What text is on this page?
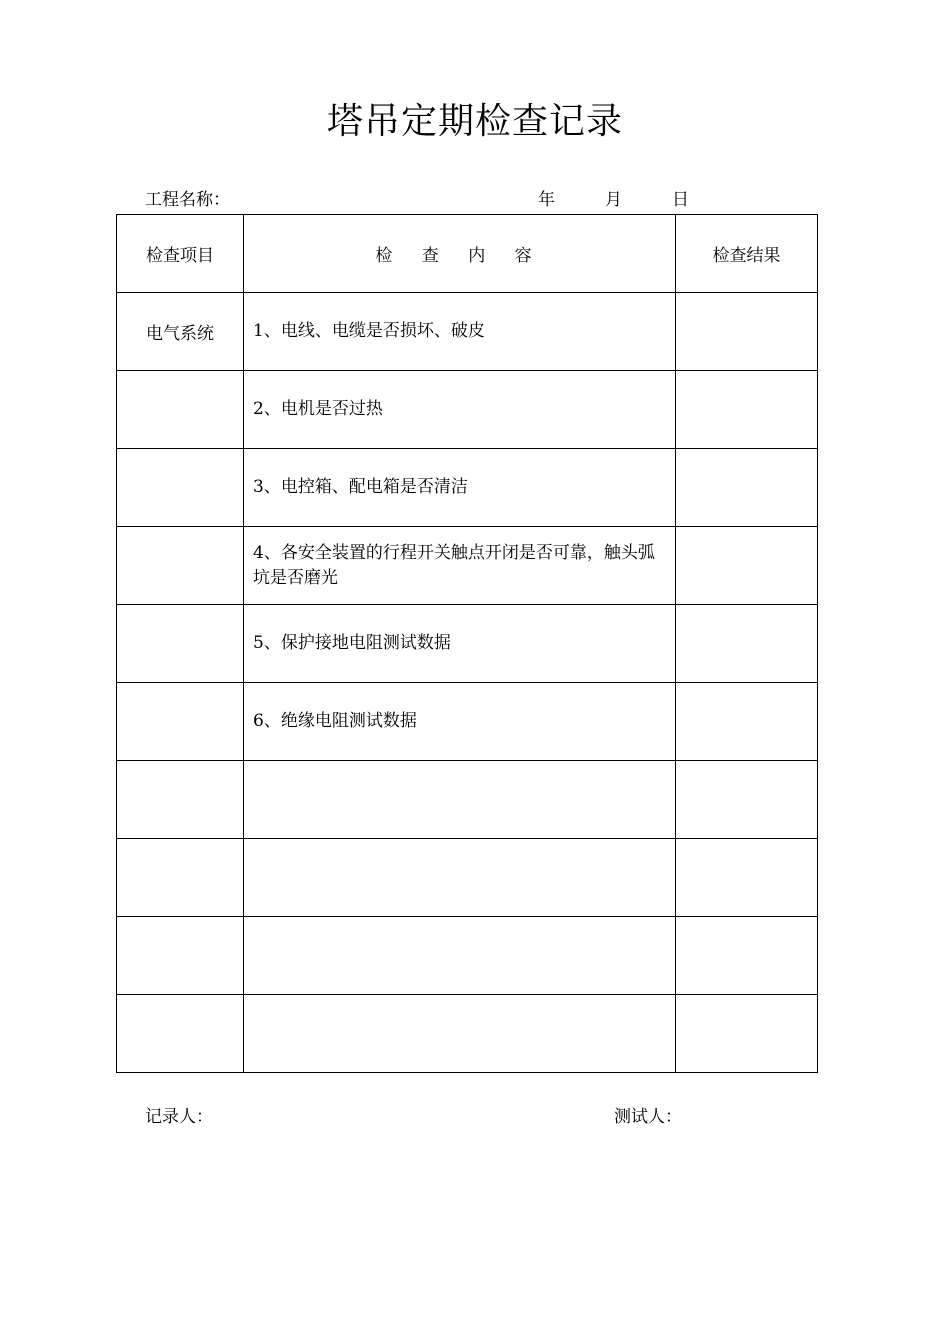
塔吊定期检查记录
工程名称：	年	月	日
检查项目	检 查 内 容	检查结果
电气系统	1、电线、电缆是否损坏、破皮	
	2、电机是否过热	
	3、电控箱、配电箱是否清洁	
	4、各安全装置的行程开关触点开闭是否可靠，触头弧坑是否磨光	
	5、保护接地电阻测试数据	
	6、绝缘电阻测试数据	

记录人：	测试人：
